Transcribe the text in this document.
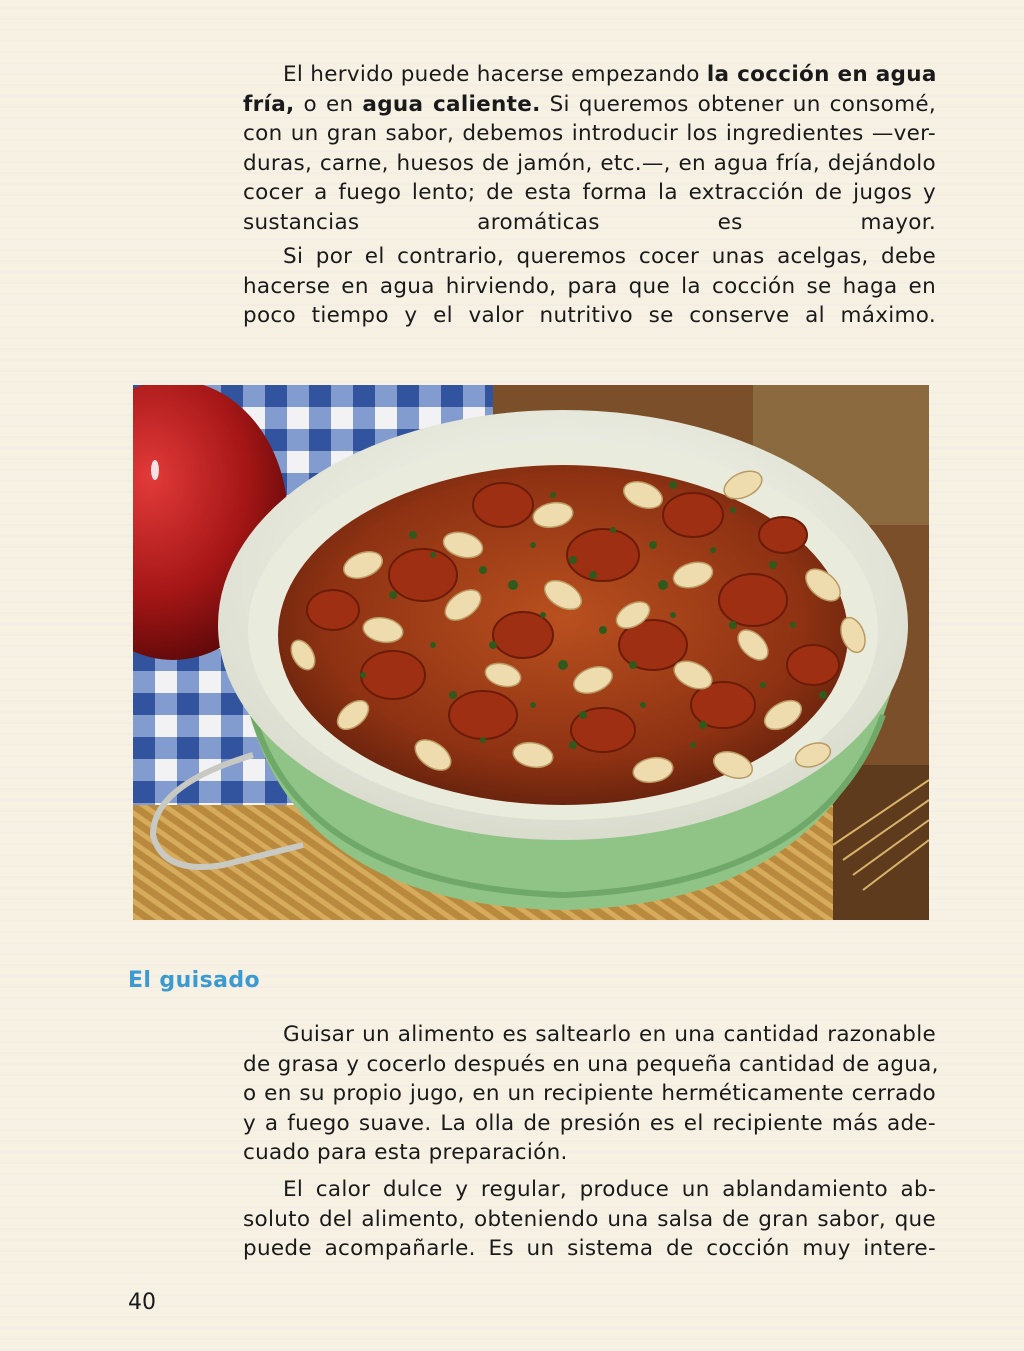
El hervido puede hacerse empezando la cocción en agua
fría, o en agua caliente. Si queremos obtener un consomé,
con un gran sabor, debemos introducir los ingredientes —ver-
duras, carne, huesos de jamón, etc.—, en agua fría, dejándolo
cocer a fuego lento; de esta forma la extracción de jugos y
sustancias aromáticas es mayor.
Si por el contrario, queremos cocer unas acelgas, debe
hacerse en agua hirviendo, para que la cocción se haga en
poco tiempo y el valor nutritivo se conserve al máximo.
El guisado
Guisar un alimento es saltearlo en una cantidad razonable
de grasa y cocerlo después en una pequeña cantidad de agua,
o en su propio jugo, en un recipiente herméticamente cerrado
y a fuego suave. La olla de presión es el recipiente más ade-
cuado para esta preparación.
El calor dulce y regular, produce un ablandamiento ab-
soluto del alimento, obteniendo una salsa de gran sabor, que
puede acompañarle. Es un sistema de cocción muy intere-
40
